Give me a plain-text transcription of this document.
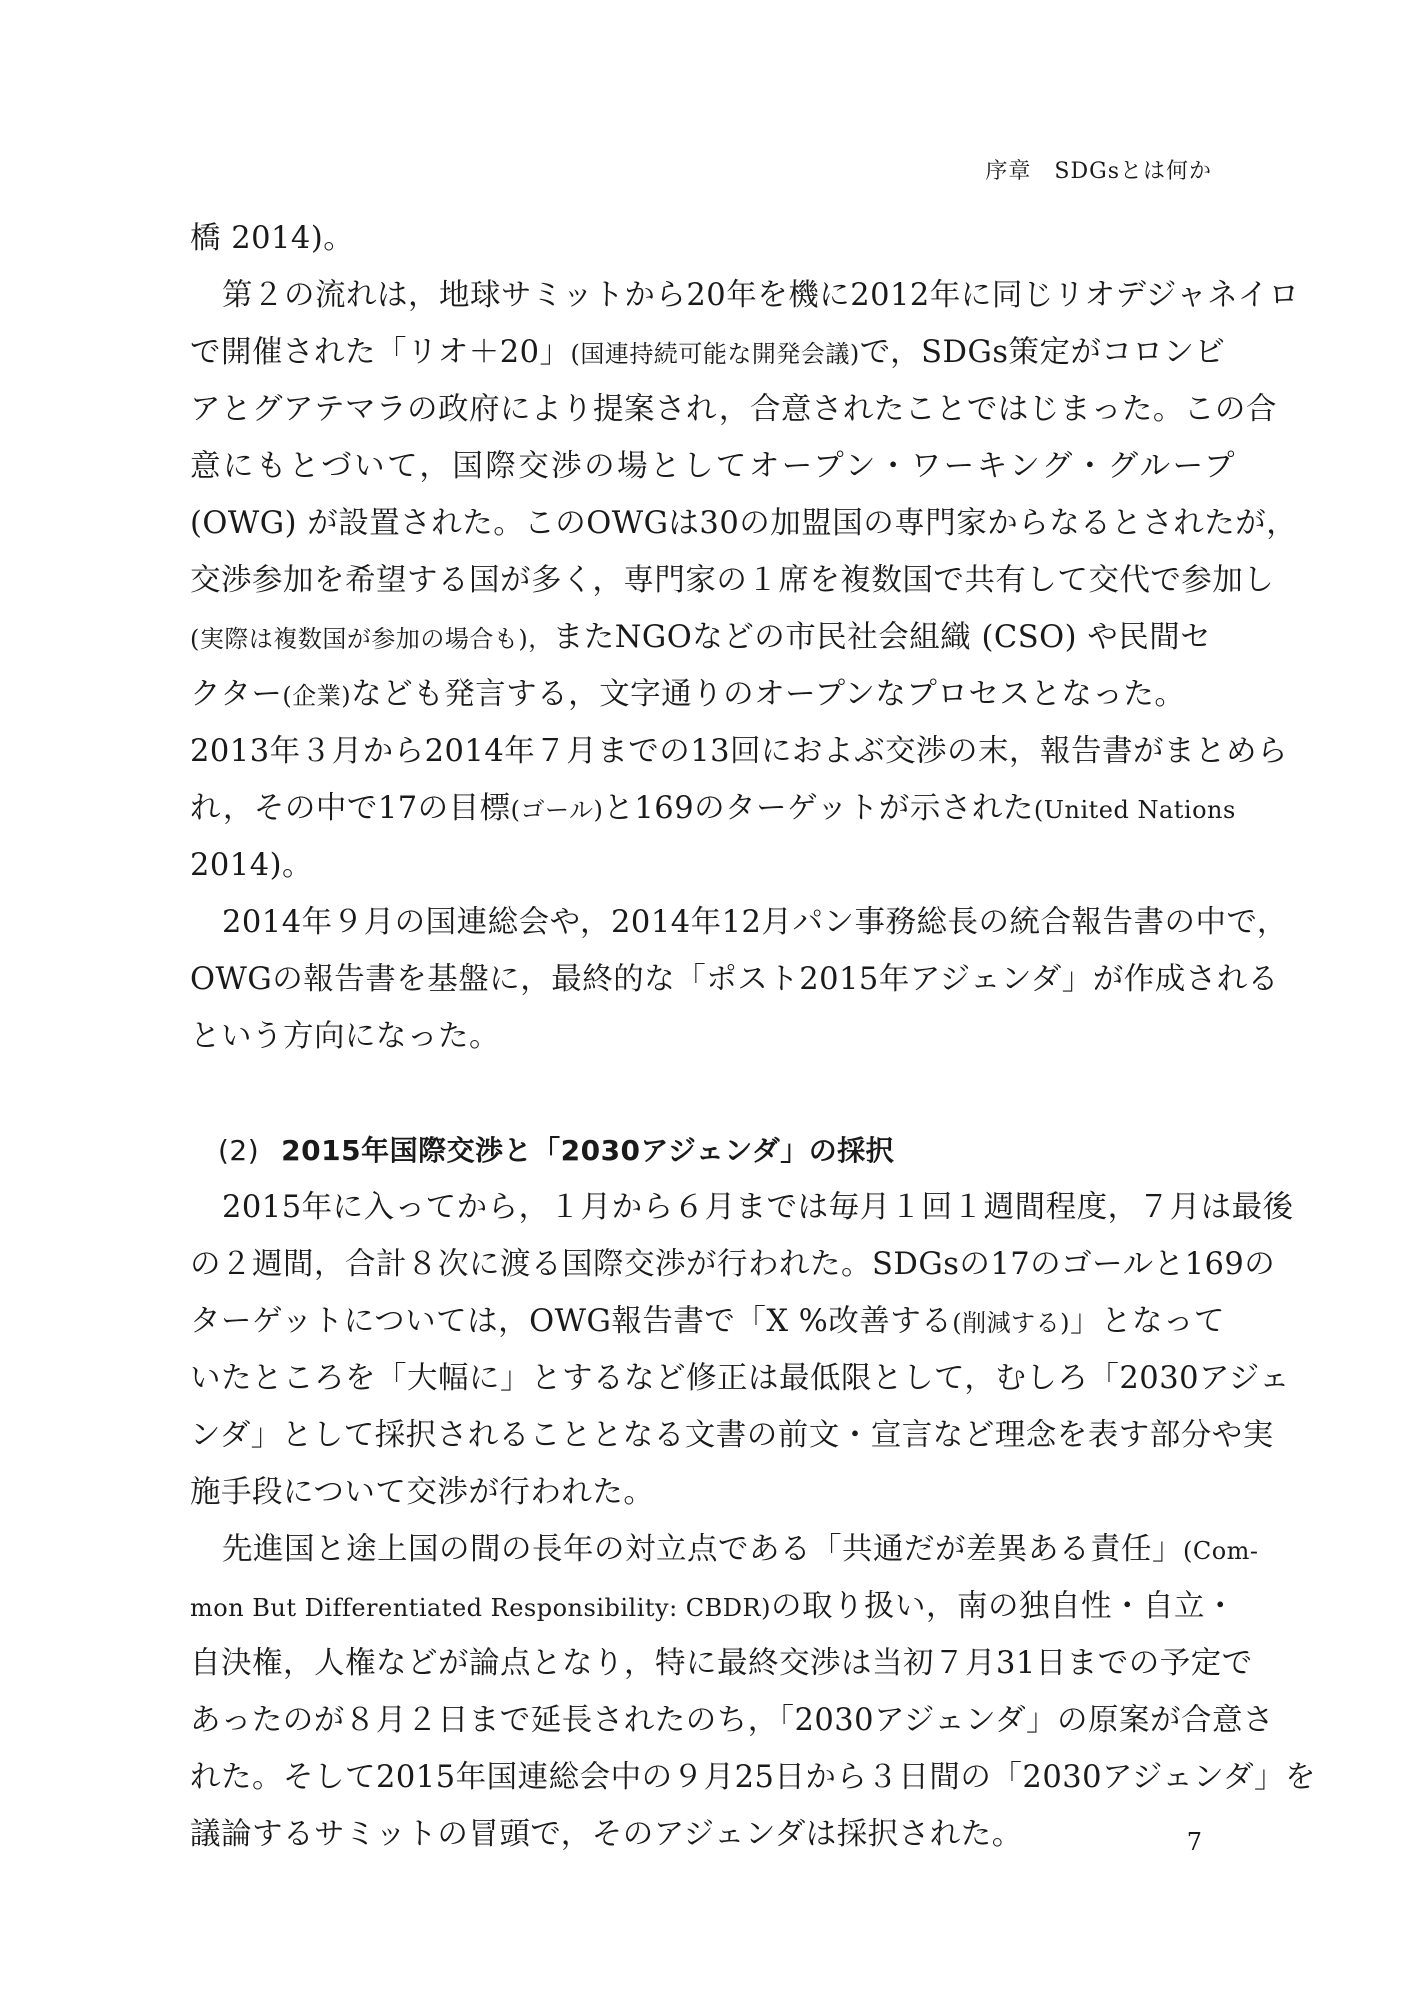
序章　SDGsとは何か
橋 2014)。
第２の流れは，地球サミットから20年を機に2012年に同じリオデジャネイロ
で開催された「リオ＋20」(国連持続可能な開発会議)で，SDGs策定がコロンビ
アとグアテマラの政府により提案され，合意されたことではじまった。この合
意にもとづいて，国際交渉の場としてオープン・ワーキング・グループ
(OWG) が設置された。このOWGは30の加盟国の専門家からなるとされたが，
交渉参加を希望する国が多く，専門家の１席を複数国で共有して交代で参加し
(実際は複数国が参加の場合も)，またNGOなどの市民社会組織 (CSO) や民間セ
クター(企業)なども発言する，文字通りのオープンなプロセスとなった。
2013年３月から2014年７月までの13回におよぶ交渉の末，報告書がまとめら
れ，その中で17の目標(ゴール)と169のターゲットが示された(United Nations
2014)。
2014年９月の国連総会や，2014年12月パン事務総長の統合報告書の中で，
OWGの報告書を基盤に，最終的な「ポスト2015年アジェンダ」が作成される
という方向になった。
(2) 2015年国際交渉と「2030アジェンダ」の採択
2015年に入ってから，１月から６月までは毎月１回１週間程度，７月は最後
の２週間，合計８次に渡る国際交渉が行われた。SDGsの17のゴールと169の
ターゲットについては，OWG報告書で「X %改善する(削減する)」となって
いたところを「大幅に」とするなど修正は最低限として，むしろ「2030アジェ
ンダ」として採択されることとなる文書の前文・宣言など理念を表す部分や実
施手段について交渉が行われた。
先進国と途上国の間の長年の対立点である「共通だが差異ある責任」(Com-
mon But Differentiated Responsibility: CBDR)の取り扱い，南の独自性・自立・
自決権，人権などが論点となり，特に最終交渉は当初７月31日までの予定で
あったのが８月２日まで延長されたのち，「2030アジェンダ」の原案が合意さ
れた。そして2015年国連総会中の９月25日から３日間の「2030アジェンダ」を
議論するサミットの冒頭で，そのアジェンダは採択された。	7
